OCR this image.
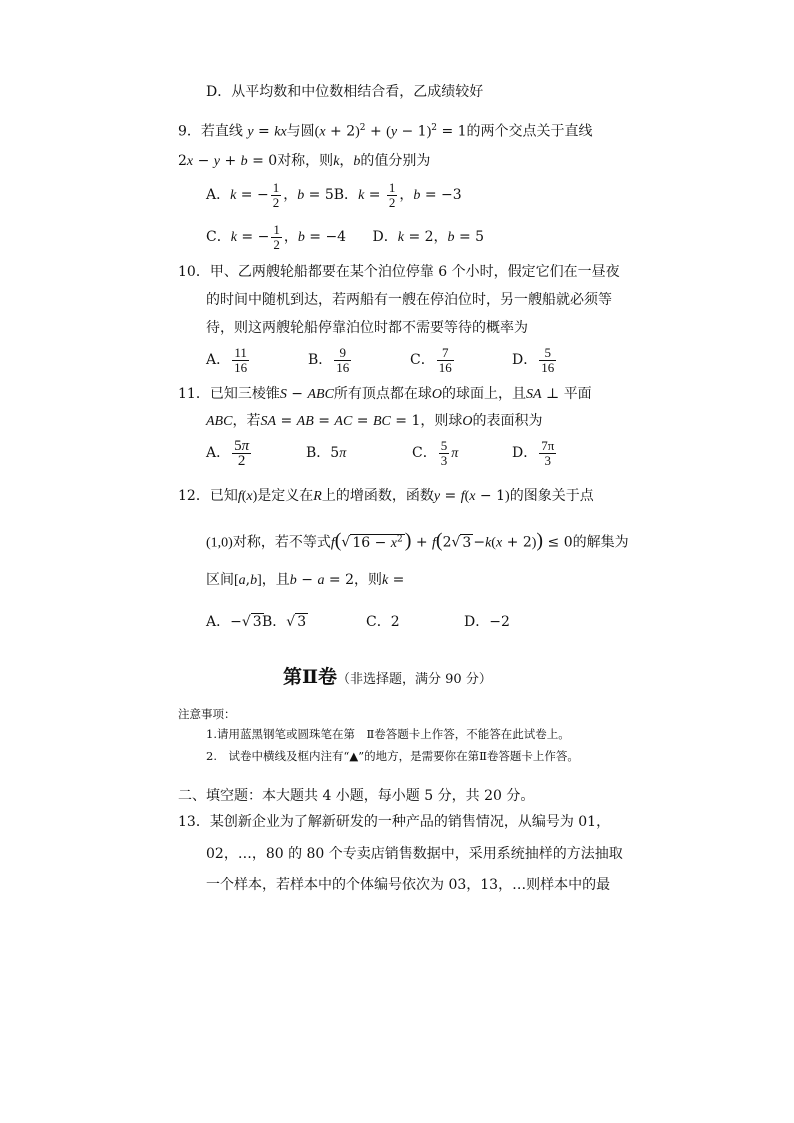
D．从平均数和中位数相结合看，乙成绩较好
9．若直线 y = kx与圆$(x + 2)^2 + (y - 1)^2 = 1$的两个交点关于直线
2x − y + b = 0对称，则k，b的值分别为
A．k = − $\frac{1}{2}$ ，b = 5B．$k = \frac{1}{2}$ ，b = −3
C．k = − $\frac{1}{2}$ ，b = −4 D．k = 2，b = 5
10．甲、乙两艘轮船都要在某个泊位停靠 6 个小时，假定它们在一昼夜
的时间中随机到达，若两船有一艘在停泊位时，另一艘船就必须等
待，则这两艘轮船停靠泊位时都不需要等待的概率为
A． $\frac{11}{16}$	B． $\frac{9}{16}$	C． $\frac{7}{16}$	D． $\frac{5}{16}$
11．已知三棱锥S − ABC所有顶点都在球O的球面上，且SA ⊥ 平面
ABC，若SA = AB = AC = BC = 1，则球O的表面积为
A． $\frac{5\pi}{2}$	B．5π	C． $\frac{5}{3}$ π	D． $\frac{7\pi}{3}$
12．已知f(x)是定义在R上的增函数，函数y = f(x − 1)的图象关于点
(1,0)对称，若不等式f(√ $16 - x^2$ ) + f(2√ 3 −k(x + 2)) ≤ 0的解集为
区间[a,b]，且b − a = 2，则k =
A．−√ 3B．√ 3	C．2	D．−2
第Ⅱ卷（非选择题，满分 90 分）
注意事项：
1.请用蓝黑钢笔或圆珠笔在第　Ⅱ卷答题卡上作答，不能答在此试卷上。
2.　试卷中横线及框内注有“▲”的地方，是需要你在第Ⅱ卷答题卡上作答。
二、填空题：本大题共 4 小题，每小题 5 分，共 20 分。
13．某创新企业为了解新研发的一种产品的销售情况，从编号为 01，
02，…，80 的 80 个专卖店销售数据中，采用系统抽样的方法抽取
一个样本，若样本中的个体编号依次为 03，13，…则样本中的最
